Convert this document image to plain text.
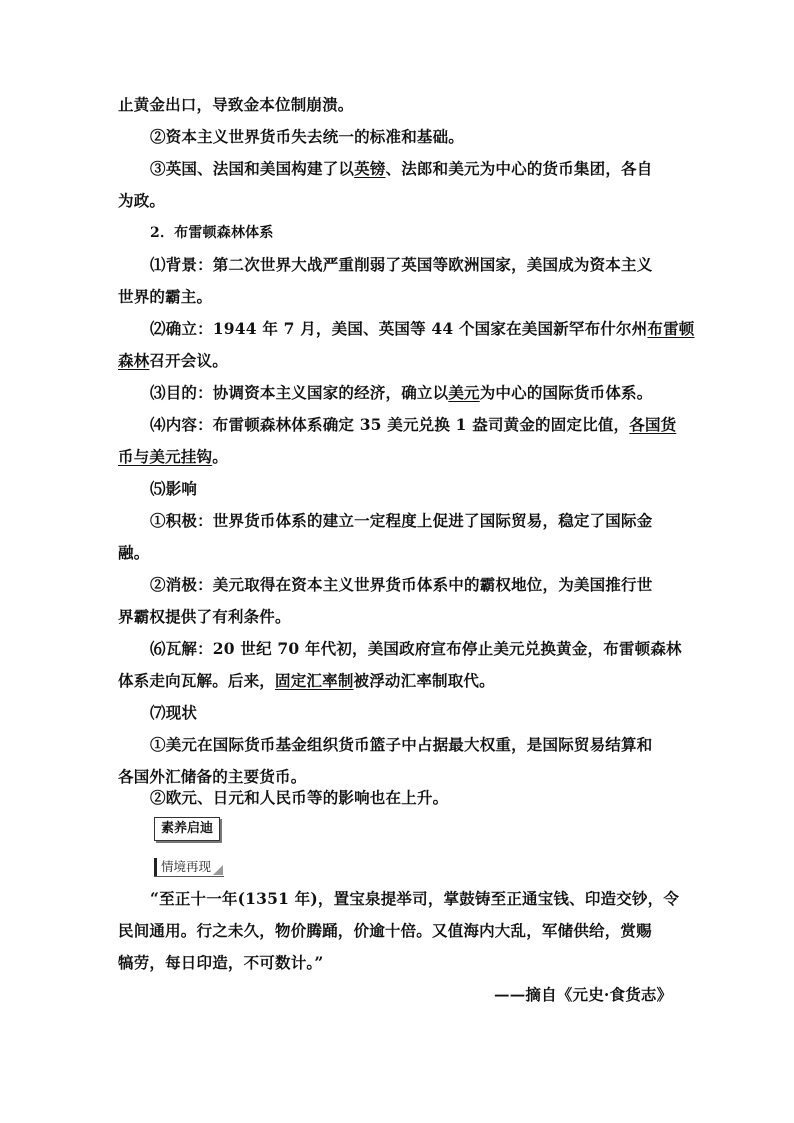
止黄金出口，导致金本位制崩溃。
②资本主义世界货币失去统一的标准和基础。
③英国、法国和美国构建了以英镑、法郎和美元为中心的货币集团，各自
为政。
2．布雷顿森林体系
⑴背景：第二次世界大战严重削弱了英国等欧洲国家，美国成为资本主义
世界的霸主。
⑵确立：1944 年 7 月，美国、英国等 44 个国家在美国新罕布什尔州布雷顿
森林召开会议。
⑶目的：协调资本主义国家的经济，确立以美元为中心的国际货币体系。
⑷内容：布雷顿森林体系确定 35 美元兑换 1 盎司黄金的固定比值，各国货
币与美元挂钩。
⑸影响
①积极：世界货币体系的建立一定程度上促进了国际贸易，稳定了国际金
融。
②消极：美元取得在资本主义世界货币体系中的霸权地位，为美国推行世
界霸权提供了有利条件。
⑹瓦解：20 世纪 70 年代初，美国政府宣布停止美元兑换黄金，布雷顿森林
体系走向瓦解。后来，固定汇率制被浮动汇率制取代。
⑺现状
①美元在国际货币基金组织货币篮子中占据最大权重，是国际贸易结算和
各国外汇储备的主要货币。
②欧元、日元和人民币等的影响也在上升。
素养启迪
情境再现
“至正十一年(1351 年)，置宝泉提举司，掌鼓铸至正通宝钱、印造交钞，令
民间通用。行之未久，物价腾踊，价逾十倍。又值海内大乱，军储供给，赏赐
犒劳，每日印造，不可数计。”
——摘自《元史·食货志》
